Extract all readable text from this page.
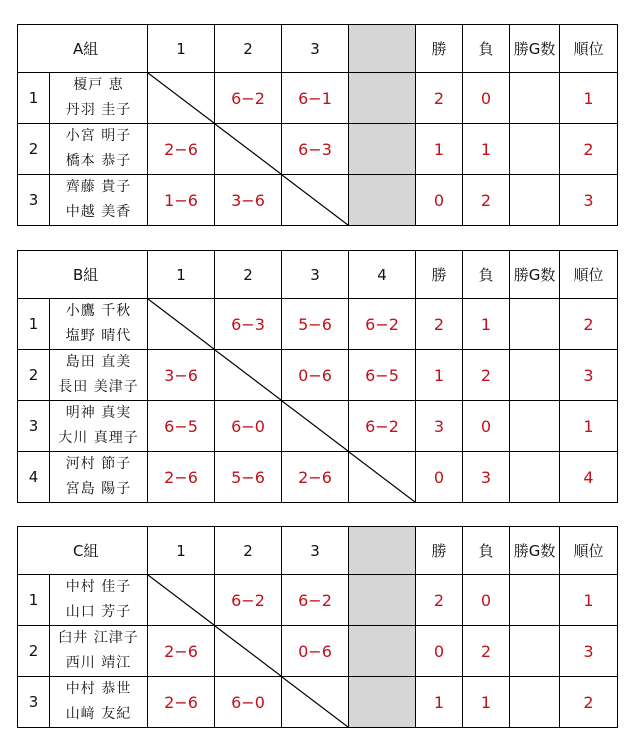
A組		1	2	3		勝	負	勝G数	順位
1	榎戸 恵
丹羽 圭子		6−2	6−1		2	0		1
2	小宮 明子
橋本 恭子	2−6		6−3		1	1		2
3	齊藤 貴子
中越 美香	1−6	3−6			0	2		3
B組		1	2	3	4	勝	負	勝G数	順位
1	小鷹 千秋
塩野 晴代		6−3	5−6	6−2	2	1		2
2	島田 直美
長田 美津子	3−6		0−6	6−5	1	2		3
3	明神 真実
大川 真理子	6−5	6−0		6−2	3	0		1
4	河村 節子
宮島 陽子	2−6	5−6	2−6		0	3		4
C組		1	2	3		勝	負	勝G数	順位
1	中村 佳子
山口 芳子		6−2	6−2		2	0		1
2	臼井 江津子
西川 靖江	2−6		0−6		0	2		3
3	中村 恭世
山﨑 友紀	2−6	6−0			1	1		2
